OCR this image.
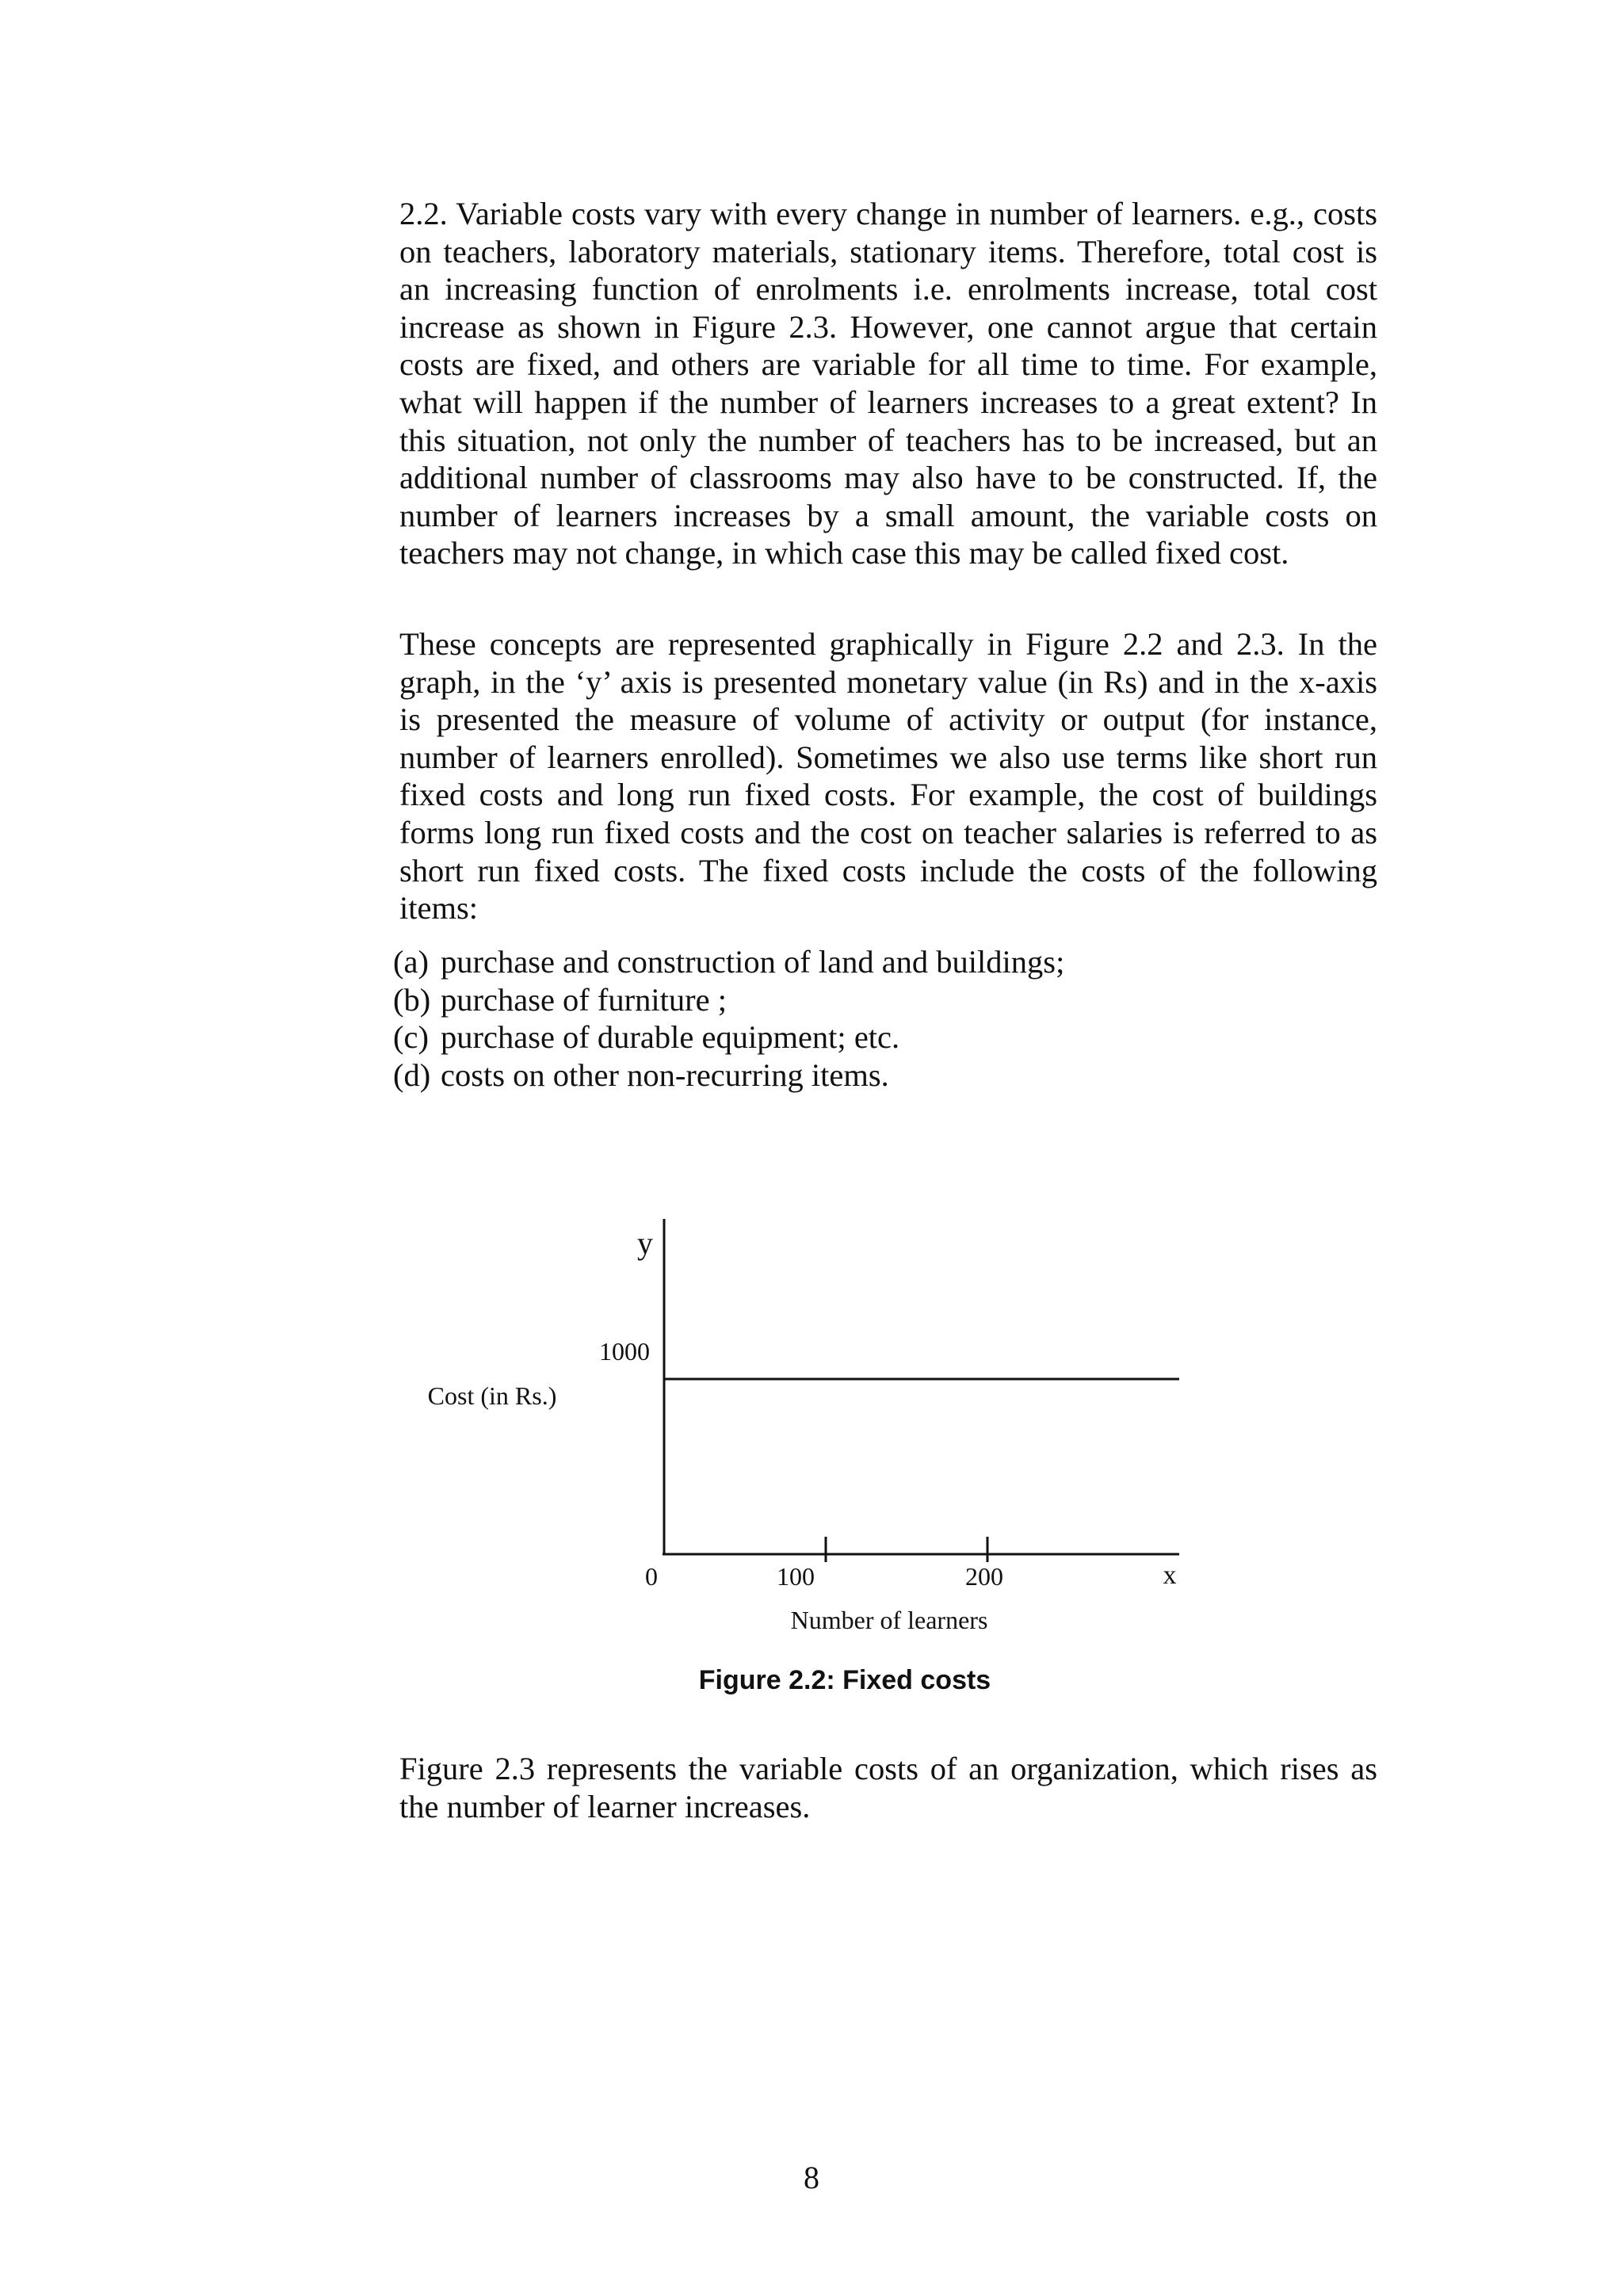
2.2. Variable costs vary with every change in number of learners. e.g., costs on teachers, laboratory materials, stationary items. Therefore, total cost is an increasing function of enrolments i.e. enrolments increase, total cost increase as shown in Figure 2.3. However, one cannot argue that certain costs are fixed, and others are variable for all time to time. For example, what will happen if the number of learners increases to a great extent? In this situation, not only the number of teachers has to be increased, but an additional number of classrooms may also have to be constructed. If, the number of learners increases by a small amount, the variable costs on teachers may not change, in which case this may be called fixed cost.

These concepts are represented graphically in Figure 2.2 and 2.3. In the graph, in the ‘y’ axis is presented monetary value (in Rs) and in the x-axis is presented the measure of volume of activity or output (for instance, number of learners enrolled). Sometimes we also use terms like short run fixed costs and long run fixed costs. For example, the cost of buildings forms long run fixed costs and the cost on teacher salaries is referred to as short run fixed costs. The fixed costs include the costs of the following items:

(a) purchase and construction of land and buildings;
(b) purchase of furniture ;
(c) purchase of durable equipment; etc.
(d) costs on other non-recurring items.
y
1000
Cost (in Rs.)
0	100	200	x
Number of learners

Figure 2.2: Fixed costs

Figure 2.3 represents the variable costs of an organization, which rises as the number of learner increases.

8
